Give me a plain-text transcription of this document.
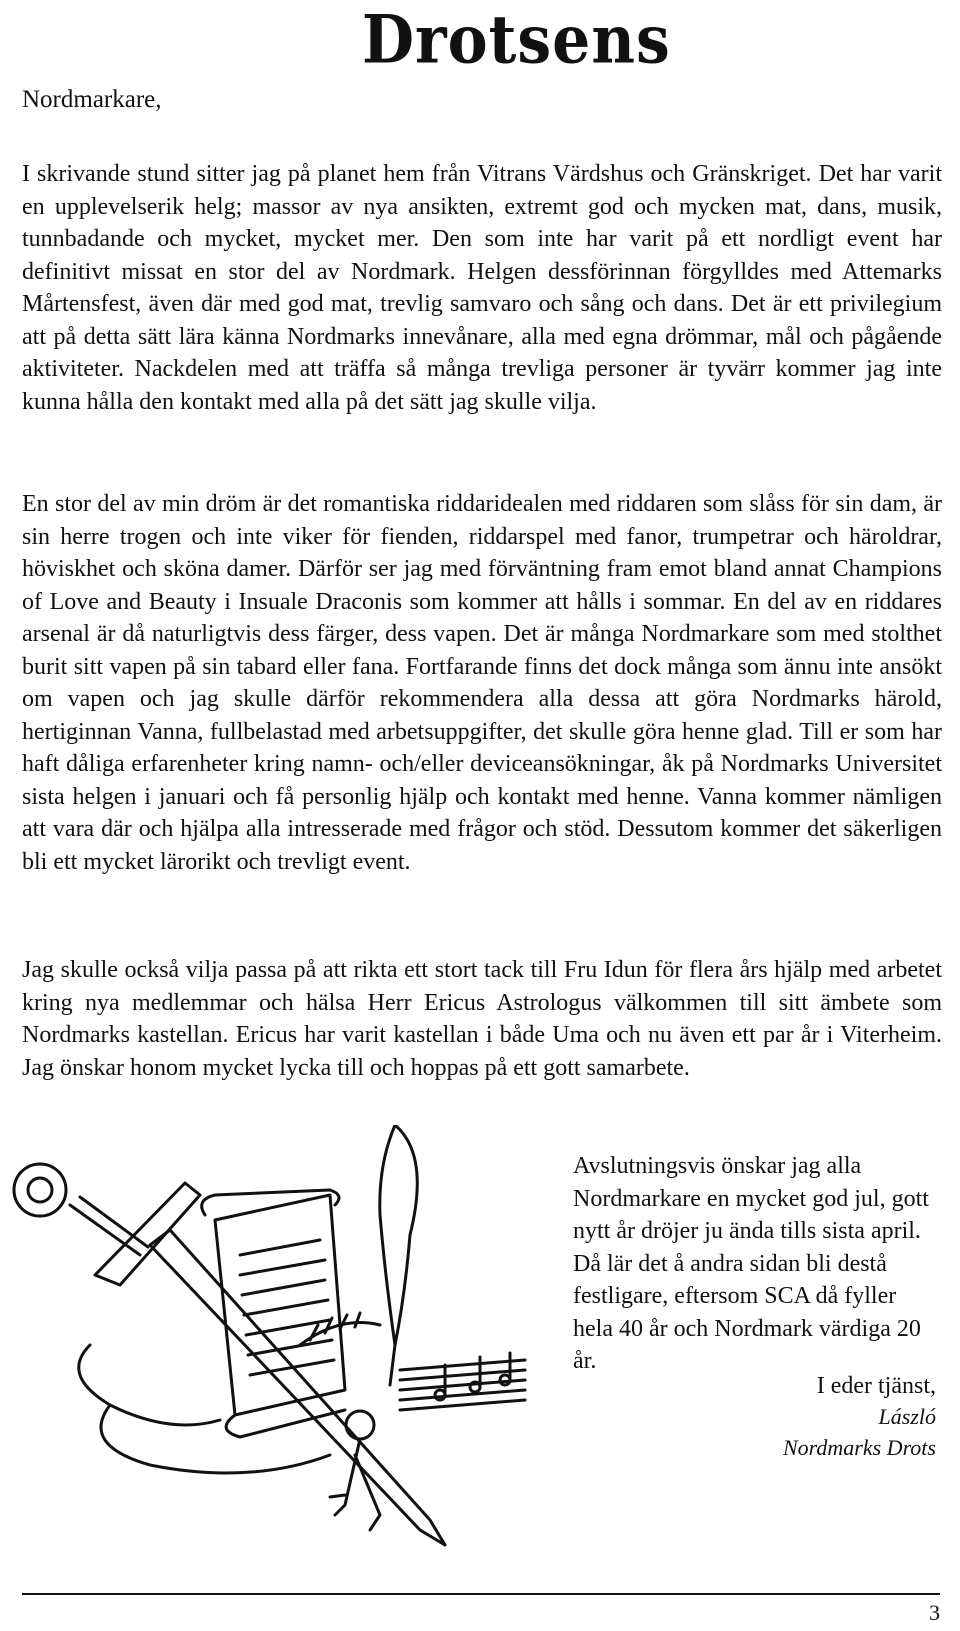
Drotsens
Nordmarkare,

I skrivande stund sitter jag på planet hem från Vitrans Värdshus och Gränskriget. Det har varit en upplevelserik helg; massor av nya ansikten, extremt god och mycken mat, dans, musik, tunnbadande och mycket, mycket mer. Den som inte har varit på ett nordligt event har definitivt missat en stor del av Nordmark. Helgen dessförinnan förgylldes med Attemarks Mårtensfest, även där med god mat, trevlig samvaro och sång och dans. Det är ett privilegium att på detta sätt lära känna Nordmarks innevånare, alla med egna drömmar, mål och pågående aktiviteter. Nackdelen med att träffa så många trevliga personer är tyvärr kommer jag inte kunna hålla den kontakt med alla på det sätt jag skulle vilja.

En stor del av min dröm är det romantiska riddaridealen med riddaren som slåss för sin dam, är sin herre trogen och inte viker för fienden, riddarspel med fanor, trumpetrar och häroldrar, höviskhet och sköna damer. Därför ser jag med förväntning fram emot bland annat Champions of Love and Beauty i Insuale Draconis som kommer att hålls i sommar. En del av en riddares arsenal är då naturligtvis dess färger, dess vapen. Det är många Nordmarkare som med stolthet burit sitt vapen på sin tabard eller fana. Fortfarande finns det dock många som ännu inte ansökt om vapen och jag skulle därför rekommendera alla dessa att göra Nordmarks härold, hertiginnan Vanna, fullbelastad med arbetsuppgifter, det skulle göra henne glad. Till er som har haft dåliga erfarenheter kring namn- och/eller deviceansökningar, åk på Nordmarks Universitet sista helgen i januari och få personlig hjälp och kontakt med henne. Vanna kommer nämligen att vara där och hjälpa alla intresserade med frågor och stöd. Dessutom kommer det säkerligen bli ett mycket lärorikt och trevligt event.

Jag skulle också vilja passa på att rikta ett stort tack till Fru Idun för flera års hjälp med arbetet kring nya medlemmar och hälsa Herr Ericus Astrologus välkommen till sitt ämbete som Nordmarks kastellan. Ericus har varit kastellan i både Uma och nu även ett par år i Viterheim. Jag önskar honom mycket lycka till och hoppas på ett gott samarbete.

Avslutningsvis önskar jag alla Nordmarkare en mycket god jul, gott nytt år dröjer ju ända tills sista april. Då lär det å andra sidan bli destå festligare, eftersom SCA då fyller hela 40 år och Nordmark värdiga 20 år.

I eder tjänst,
László
Nordmarks Drots
3
